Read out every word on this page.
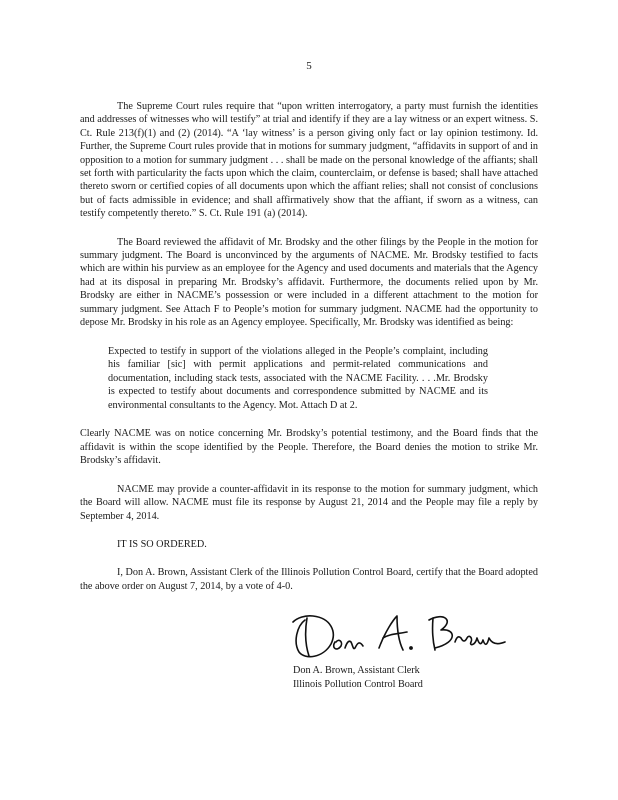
5

The Supreme Court rules require that “upon written interrogatory, a party must furnish the identities and addresses of witnesses who will testify” at trial and identify if they are a lay witness or an expert witness. S. Ct. Rule 213(f)(1) and (2) (2014). “A ‘lay witness’ is a person giving only fact or lay opinion testimony. Id. Further, the Supreme Court rules provide that in motions for summary judgment, “affidavits in support of and in opposition to a motion for summary judgment . . . shall be made on the personal knowledge of the affiants; shall set forth with particularity the facts upon which the claim, counterclaim, or defense is based; shall have attached thereto sworn or certified copies of all documents upon which the affiant relies; shall not consist of conclusions but of facts admissible in evidence; and shall affirmatively show that the affiant, if sworn as a witness, can testify competently thereto.” S. Ct. Rule 191 (a) (2014).

The Board reviewed the affidavit of Mr. Brodsky and the other filings by the People in the motion for summary judgment. The Board is unconvinced by the arguments of NACME. Mr. Brodsky testified to facts which are within his purview as an employee for the Agency and used documents and materials that the Agency had at its disposal in preparing Mr. Brodsky’s affidavit. Furthermore, the documents relied upon by Mr. Brodsky are either in NACME’s possession or were included in a different attachment to the motion for summary judgment. See Attach F to People’s motion for summary judgment. NACME had the opportunity to depose Mr. Brodsky in his role as an Agency employee. Specifically, Mr. Brodsky was identified as being:

Expected to testify in support of the violations alleged in the People’s complaint, including his familiar [sic] with permit applications and permit-related communications and documentation, including stack tests, associated with the NACME Facility. . . .Mr. Brodsky is expected to testify about documents and correspondence submitted by NACME and its environmental consultants to the Agency. Mot. Attach D at 2.

Clearly NACME was on notice concerning Mr. Brodsky’s potential testimony, and the Board finds that the affidavit is within the scope identified by the People. Therefore, the Board denies the motion to strike Mr. Brodsky’s affidavit.

NACME may provide a counter-affidavit in its response to the motion for summary judgment, which the Board will allow. NACME must file its response by August 21, 2014 and the People may file a reply by September 4, 2014.

IT IS SO ORDERED.

I, Don A. Brown, Assistant Clerk of the Illinois Pollution Control Board, certify that the Board adopted the above order on August 7, 2014, by a vote of 4-0.

Don A. Brown, Assistant Clerk
Illinois Pollution Control Board
